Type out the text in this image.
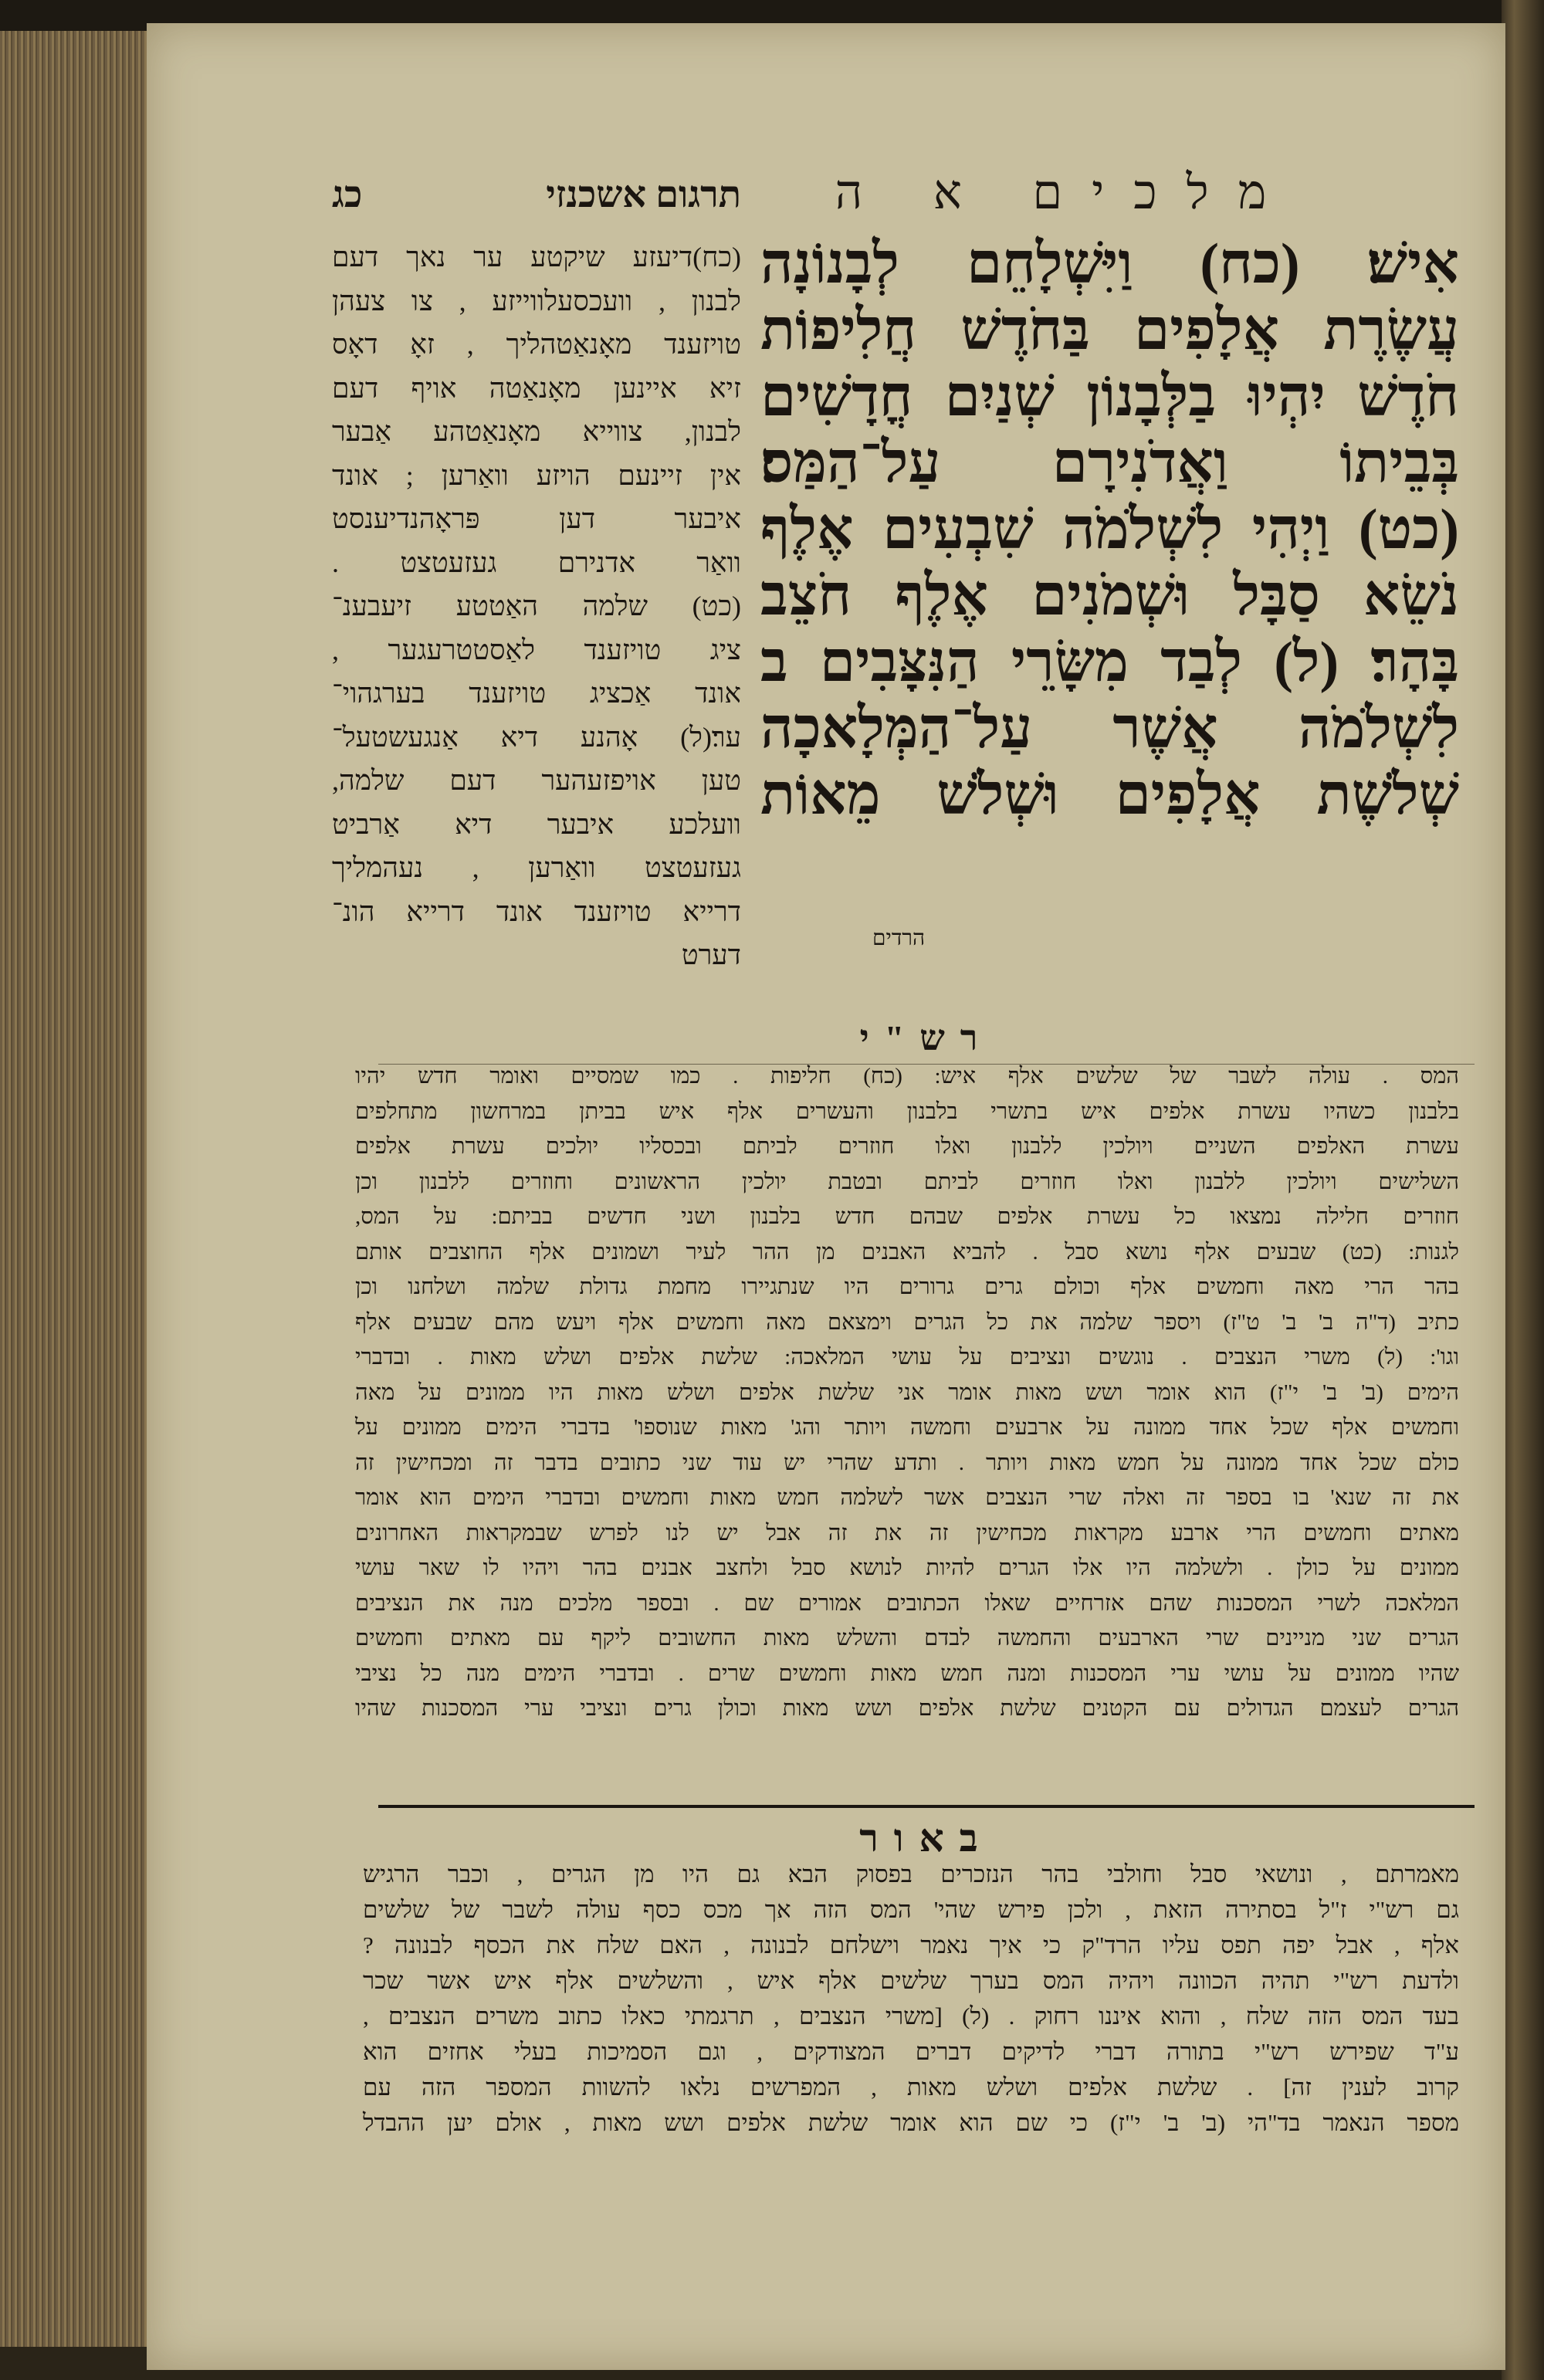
מלכים א ה
תרגום אשכנזי
כג
אִישׁ׃ (כח) וַיִּשְׁלָחֵם לְבָנוֹנָה
עֲשֶׂרֶת אֲלָפִים בַּחֹדֶשׁ חֲלִיפוֹת
חֹדֶשׁ יִהְיוּ בַלְּבָנוֹן שְׁנַיִם חֳדָשִׁים
בְּבֵיתוֹ וַאֲדֹנִירָם עַל־הַמַּס׃
(כט) וַיְהִי לִשְׁלֹמֹה שִׁבְעִים אֶלֶף
נֹשֵׂא סַבָּל וּשְׁמֹנִים אֶלֶף חֹצֵב
בָּהָר׃ (ל) לְבַד מִשָּׂרֵי הַנִּצָּבִים ב
לִשְׁלֹמֹה אֲשֶׁר עַל־הַמְּלָאכָה
שְׁלֹשֶׁת אֲלָפִים וּשְׁלֹשׁ מֵאוֹת
(כח)דיעזע שיקטע ער נאך דעם
לבנון , וועכסעלווייזע , צו צעהן
טויזענד מאָנאַטהליך , זאָ דאָס
זיא איינען מאָנאַטה אויף דעם
לבנון, צווייא מאָנאַטהע אַבער
אין זיינעם הויזע וואַרען ; אונד
איבער דען פּראָהנדיענסט
וואַר אדנירם געזעטצט .
(כט) שלמה האַטטע זיעבענ־
ציג טויזענד לאַסטטרעגער ,
אונד אַכציג טויזענד בערגהוי־
ער׃(ל) אָהנע דיא אַנגעשטעל־
טען אויפזעהער דעם שלמה,
וועלכע איבער דיא אַרביט
געזעטצט וואַרען , נעהמליך
דרייא טויזענד אונד דרייא הונ־
דערט
הרדים
רש"י
המס . עולה לשבר של שלשים אלף איש: (כח) חליפות . כמו שמסיים ואומר חדש יהיו
בלבנון כשהיו עשרת אלפים איש בתשרי בלבנון והעשרים אלף איש בביתן במרחשון מתחלפים
עשרת האלפים השניים ויולכין ללבנון ואלו חוזרים לביתם ובכסליו יולכים עשרת אלפים
השלישים ויולכין ללבנון ואלו חוזרים לביתם ובטבת יולכין הראשונים וחוזרים ללבנון וכן
חוזרים חלילה נמצאו כל עשרת אלפים שבהם חדש בלבנון ושני חדשים בביתם: על המס,
לגנות: (כט) שבעים אלף נושא סבל . להביא האבנים מן ההר לעיר ושמונים אלף החוצבים אותם
בהר הרי מאה וחמשים אלף וכולם גרים גרורים היו שנתגיירו מחמת גדולת שלמה ושלחנו וכן
כתיב (ד"ה ב' ב' ט"ז) ויספר שלמה את כל הגרים וימצאם מאה וחמשים אלף ויעש מהם שבעים אלף
וגו': (ל) משרי הנצבים . נוגשים ונציבים על עושי המלאכה: שלשת אלפים ושלש מאות . ובדברי
הימים (ב' ב' י"ז) הוא אומר ושש מאות אומר אני שלשת אלפים ושלש מאות היו ממונים על מאה
וחמשים אלף שכל אחד ממונה על ארבעים וחמשה ויותר והג' מאות שנוספו' בדברי הימים ממונים על
כולם שכל אחד ממונה על חמש מאות ויותר . ותדע שהרי יש עוד שני כתובים בדבר זה ומכחישין זה
את זה שנא' בו בספר זה ואלה שרי הנצבים אשר לשלמה חמש מאות וחמשים ובדברי הימים הוא אומר
מאתים וחמשים הרי ארבע מקראות מכחישין זה את זה אבל יש לנו לפרש שבמקראות האחרונים
ממונים על כולן . ולשלמה היו אלו הגרים להיות לנושא סבל ולחצב אבנים בהר ויהיו לו שאר עושי
המלאכה לשרי המסכנות שהם אזרחיים שאלו הכתובים אמורים שם . ובספר מלכים מנה את הנציבים
הגרים שני מניינים שרי הארבעים והחמשה לבדם והשלש מאות החשובים ליקף עם מאתים וחמשים
שהיו ממונים על עושי ערי המסכנות ומנה חמש מאות וחמשים שרים . ובדברי הימים מנה כל נציבי
הגרים לעצמם הגדולים עם הקטנים שלשת אלפים ושש מאות וכולן גרים ונציבי ערי המסכנות שהיו
באור
מאמרתם , ונושאי סבל וחולבי בהר הנזכרים בפסוק הבא גם היו מן הגרים , וכבר הרגיש
גם רש"י ז"ל בסתירה הזאת , ולכן פירש שהי' המס הזה אך מכס כסף עולה לשבר של שלשים
אלף , אבל יפה תפס עליו הרד"ק כי איך נאמר וישלחם לבנונה , האם שלח את הכסף לבנונה ?
ולדעת רש"י תהיה הכוונה ויהיה המס בערך שלשים אלף איש , והשלשים אלף איש אשר שכר
בעד המס הזה שלח , והוא איננו רחוק . (ל) [משרי הנצבים , תרגמתי כאלו כתוב משרים הנצבים ,
ע"ד שפירש רש"י בתורה דברי לדיקים דברים המצודקים , וגם הסמיכות בעלי אחזים הוא
קרוב לענין זה] . שלשת אלפים ושלש מאות , המפרשים נלאו להשוות המספר הזה עם
מספר הנאמר בד"הי (ב' ב' י"ז) כי שם הוא אומר שלשת אלפים ושש מאות , אולם יען ההבדל
